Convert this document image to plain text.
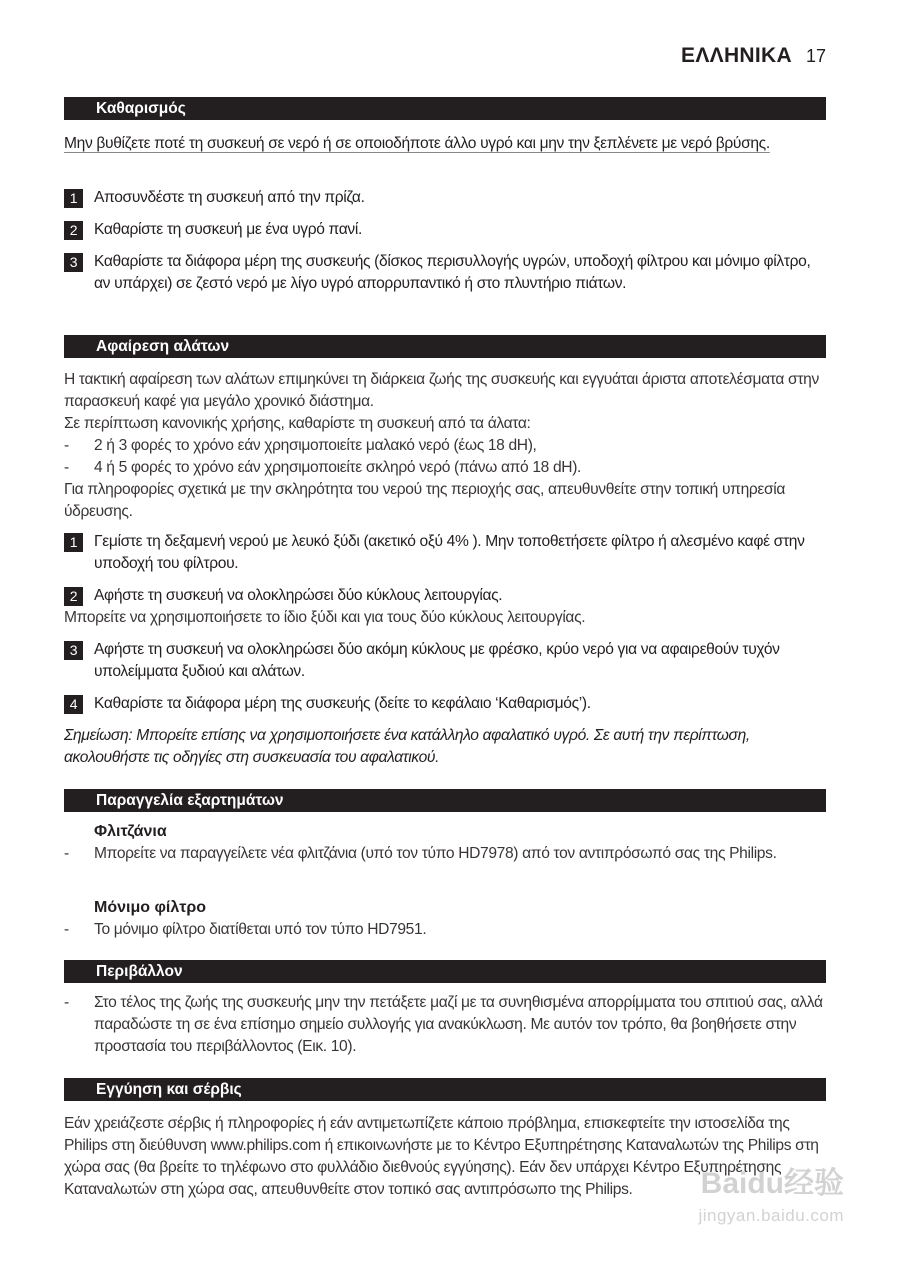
ΕΛΛΗΝΙΚΑ 17
Καθαρισμός
Μην βυθίζετε ποτέ τη συσκευή σε νερό ή σε οποιοδήποτε άλλο υγρό και μην την ξεπλένετε με νερό βρύσης.
1	Αποσυνδέστε τη συσκευή από την πρίζα.
2	Καθαρίστε τη συσκευή με ένα υγρό πανί.
3	Καθαρίστε τα διάφορα μέρη της συσκευής (δίσκος περισυλλογής υγρών, υποδοχή φίλτρου και μόνιμο φίλτρο, αν υπάρχει) σε ζεστό νερό με λίγο υγρό απορρυπαντικό ή στο πλυντήριο πιάτων.
Αφαίρεση αλάτων
Η τακτική αφαίρεση των αλάτων επιμηκύνει τη διάρκεια ζωής της συσκευής και εγγυάται άριστα αποτελέσματα στην παρασκευή καφέ για μεγάλο χρονικό διάστημα.
Σε περίπτωση κανονικής χρήσης, καθαρίστε τη συσκευή από τα άλατα:
- 2 ή 3 φορές το χρόνο εάν χρησιμοποιείτε μαλακό νερό (έως 18 dH),
- 4 ή 5 φορές το χρόνο εάν χρησιμοποιείτε σκληρό νερό (πάνω από 18 dH).
Για πληροφορίες σχετικά με την σκληρότητα του νερού της περιοχής σας, απευθυνθείτε στην τοπική υπηρεσία ύδρευσης.
1	Γεμίστε τη δεξαμενή νερού με λευκό ξύδι (ακετικό οξύ 4% ). Μην τοποθετήσετε φίλτρο ή αλεσμένο καφέ στην υποδοχή του φίλτρου.
2	Αφήστε τη συσκευή να ολοκληρώσει δύο κύκλους λειτουργίας.
Μπορείτε να χρησιμοποιήσετε το ίδιο ξύδι και για τους δύο κύκλους λειτουργίας.
3	Αφήστε τη συσκευή να ολοκληρώσει δύο ακόμη κύκλους με φρέσκο, κρύο νερό για να αφαιρεθούν τυχόν υπολείμματα ξυδιού και αλάτων.
4	Καθαρίστε τα διάφορα μέρη της συσκευής (δείτε το κεφάλαιο ‘Καθαρισμός’).
Σημείωση: Μπορείτε επίσης να χρησιμοποιήσετε ένα κατάλληλο αφαλατικό υγρό. Σε αυτή την περίπτωση, ακολουθήστε τις οδηγίες στη συσκευασία του αφαλατικού.
Παραγγελία εξαρτημάτων
Φλιτζάνια
- Μπορείτε να παραγγείλετε νέα φλιτζάνια (υπό τον τύπο HD7978) από τον αντιπρόσωπό σας της Philips.
Μόνιμο φίλτρο
- Το μόνιμο φίλτρο διατίθεται υπό τον τύπο HD7951.
Περιβάλλον
- Στο τέλος της ζωής της συσκευής μην την πετάξετε μαζί με τα συνηθισμένα απορρίμματα του σπιτιού σας, αλλά παραδώστε τη σε ένα επίσημο σημείο συλλογής για ανακύκλωση. Με αυτόν τον τρόπο, θα βοηθήσετε στην προστασία του περιβάλλοντος (Εικ. 10).
Εγγύηση και σέρβις
Εάν χρειάζεστε σέρβις ή πληροφορίες ή εάν αντιμετωπίζετε κάποιο πρόβλημα, επισκεφτείτε την ιστοσελίδα της Philips στη διεύθυνση www.philips.com ή επικοινωνήστε με το Κέντρο Εξυπηρέτησης Καταναλωτών της Philips στη χώρα σας (θα βρείτε το τηλέφωνο στο φυλλάδιο διεθνούς εγγύησης). Εάν δεν υπάρχει Κέντρο Εξυπηρέτησης Καταναλωτών στη χώρα σας, απευθυνθείτε στον τοπικό σας αντιπρόσωπο της Philips.	Baidu经验
jingyan.baidu.com
